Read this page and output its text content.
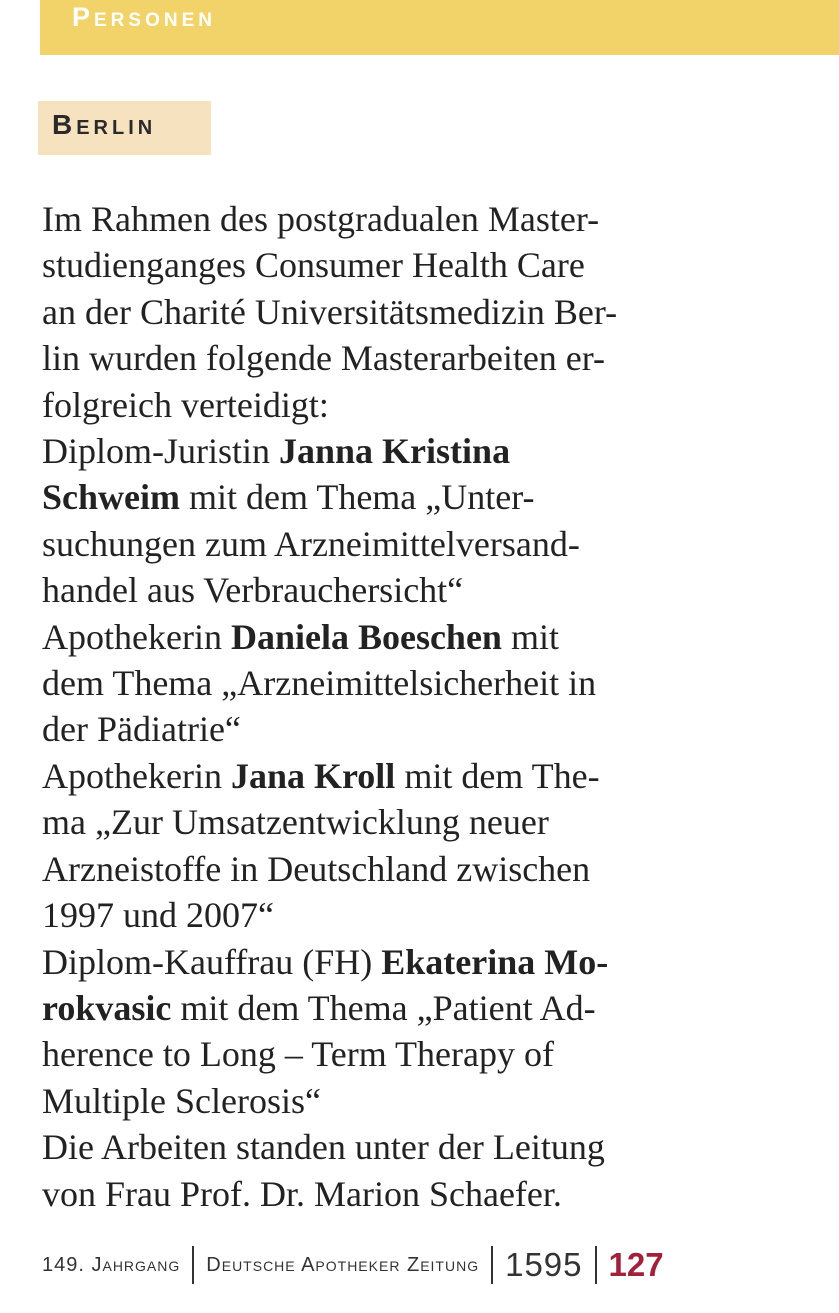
Personen
Berlin
Im Rahmen des postgradualen Master-
studienganges Consumer Health Care
an der Charité Universitätsmedizin Ber-
lin wurden folgende Masterarbeiten er-
folgreich verteidigt:
Diplom-Juristin Janna Kristina
Schweim mit dem Thema „Unter-
suchungen zum Arzneimittelversand-
handel aus Verbrauchersicht“
Apothekerin Daniela Boeschen mit
dem Thema „Arzneimittelsicherheit in
der Pädiatrie“
Apothekerin Jana Kroll mit dem The-
ma „Zur Umsatzentwicklung neuer
Arzneistoffe in Deutschland zwischen
1997 und 2007“
Diplom-Kauffrau (FH) Ekaterina Mo-
rokvasic mit dem Thema „Patient Ad-
herence to Long – Term Therapy of
Multiple Sclerosis“
Die Arbeiten standen unter der Leitung
von Frau Prof. Dr. Marion Schaefer.
149. Jahrgang Deutsche Apotheker Zeitung 1595 127
